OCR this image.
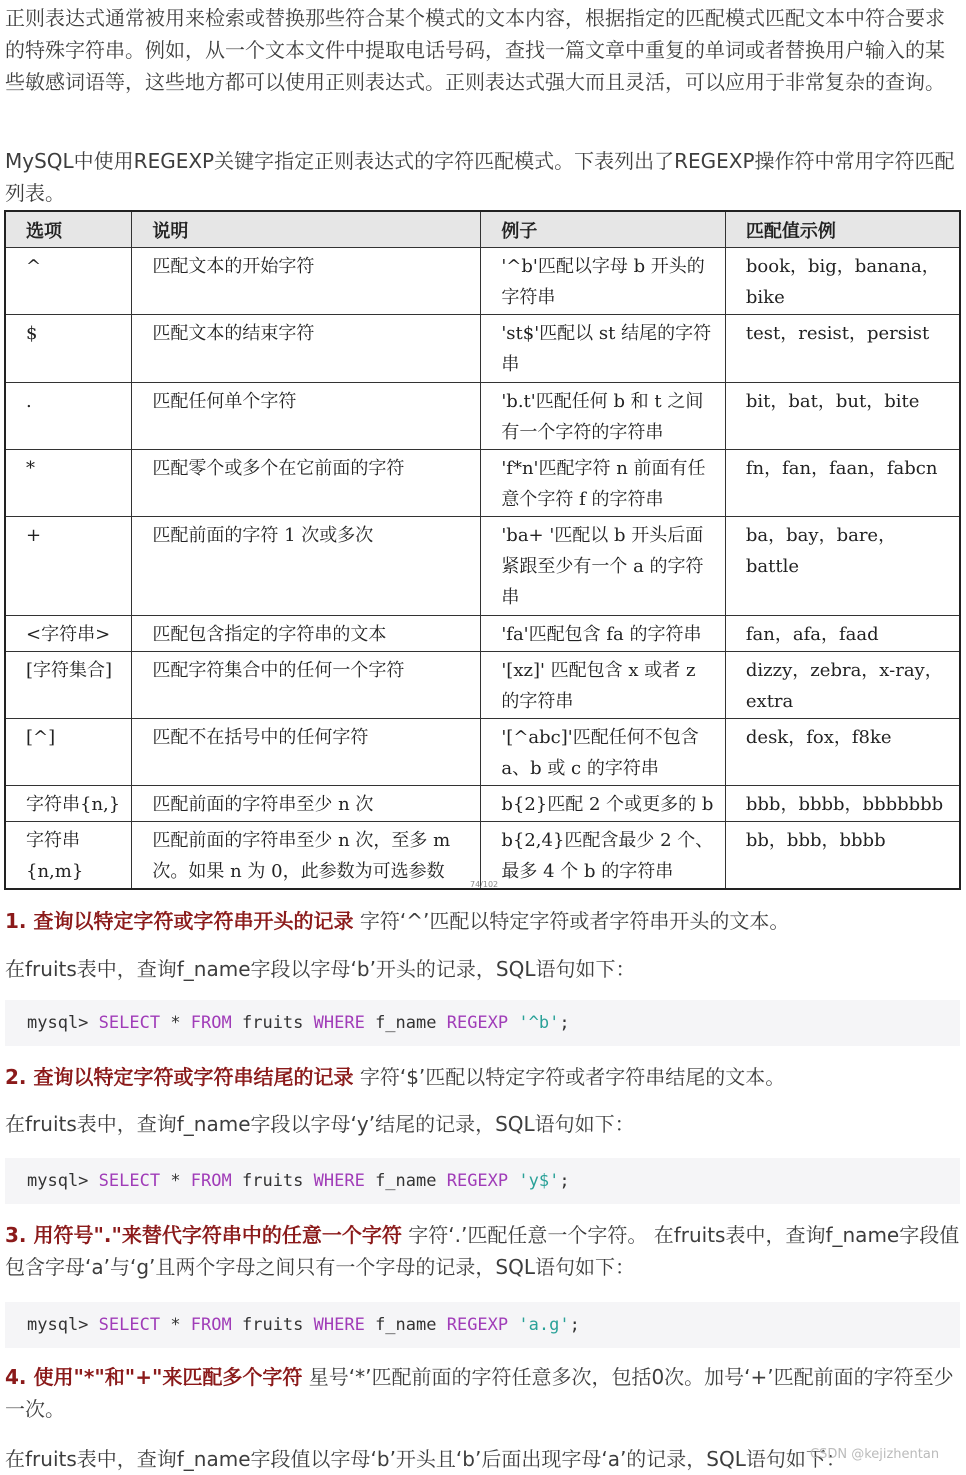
正则表达式通常被用来检索或替换那些符合某个模式的文本内容，根据指定的匹配模式匹配文本中符合要求的特殊字符串。例如，从一个文本文件中提取电话号码，查找一篇文章中重复的单词或者替换用户输入的某些敏感词语等，这些地方都可以使用正则表达式。正则表达式强大而且灵活，可以应用于非常复杂的查询。

MySQL中使用REGEXP关键字指定正则表达式的字符匹配模式。下表列出了REGEXP操作符中常用字符匹配列表。

选项	说明	例子	匹配值示例
^	匹配文本的开始字符	'^b'匹配以字母 b 开头的字符串	book，big，banana，bike
$	匹配文本的结束字符	'st$'匹配以 st 结尾的字符串	test，resist，persist
.	匹配任何单个字符	'b.t'匹配任何 b 和 t 之间有一个字符的字符串	bit，bat，but，bite
*	匹配零个或多个在它前面的字符	'f*n'匹配字符 n 前面有任意个字符 f 的字符串	fn，fan，faan，fabcn
+	匹配前面的字符 1 次或多次	'ba+ '匹配以 b 开头后面紧跟至少有一个 a 的字符串	ba，bay，bare，battle
<字符串>	匹配包含指定的字符串的文本	'fa'匹配包含 fa 的字符串	fan，afa，faad
[字符集合]	匹配字符集合中的任何一个字符	'[xz]' 匹配包含 x 或者 z 的字符串	dizzy，zebra，x-ray，extra
[^]	匹配不在括号中的任何字符	'[^abc]'匹配任何不包含 a、b 或 c 的字符串	desk，fox，f8ke
字符串{n,}	匹配前面的字符串至少 n 次	b{2}匹配 2 个或更多的 b	bbb，bbbb，bbbbbbb
字符串{n,m}	匹配前面的字符串至少 n 次，至多 m 次。如果 n 为 0，此参数为可选参数	b{2,4}匹配含最少 2 个、最多 4 个 b 的字符串	bb，bbb，bbbb
74/102

1. 查询以特定字符或字符串开头的记录 字符‘^’匹配以特定字符或者字符串开头的文本。

在fruits表中，查询f_name字段以字母‘b’开头的记录，SQL语句如下：

mysql> SELECT * FROM fruits WHERE f_name REGEXP '^b';

2. 查询以特定字符或字符串结尾的记录 字符‘$’匹配以特定字符或者字符串结尾的文本。

在fruits表中，查询f_name字段以字母‘y’结尾的记录，SQL语句如下：

mysql> SELECT * FROM fruits WHERE f_name REGEXP 'y$';

3. 用符号"."来替代字符串中的任意一个字符 字符‘.’匹配任意一个字符。 在fruits表中，查询f_name字段值包含字母‘a’与‘g’且两个字母之间只有一个字母的记录，SQL语句如下：

mysql> SELECT * FROM fruits WHERE f_name REGEXP 'a.g';

4. 使用"*"和"+"来匹配多个字符 星号‘*’匹配前面的字符任意多次，包括0次。加号‘+’匹配前面的字符至少一次。

在fruits表中，查询f_name字段值以字母‘b’开头且‘b’后面出现字母‘a’的记录，SQL语句如下：

CSDN @kejizhentan
